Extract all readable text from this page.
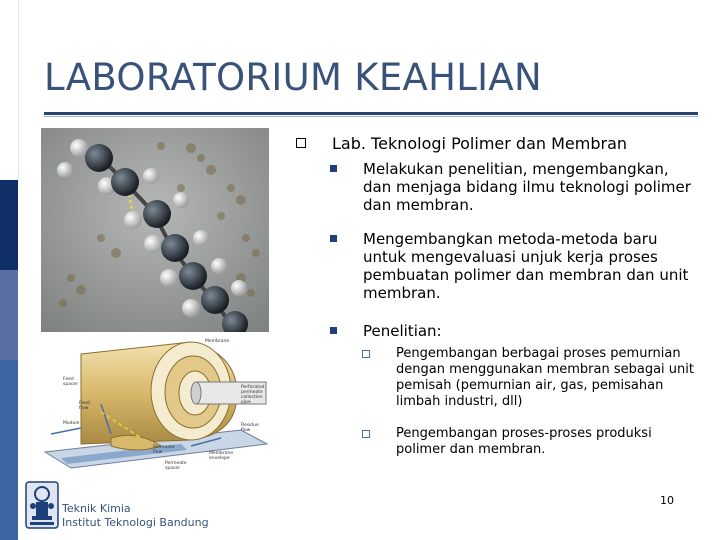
LABORATORIUM KEAHLIAN
Membrane
Feed
spacer
Feed
flow
Perforated
permeate
collection
pipe
Residue
flow
Module
Permeate
flow	Membrane
envelope
Permeate
spacer
Teknik Kimia
Institut Teknologi Bandung
10
Lab. Teknologi Polimer dan Membran
Melakukan penelitian, mengembangkan, dan menjaga bidang ilmu teknologi polimer dan membran.
Mengembangkan metoda-metoda baru untuk mengevaluasi unjuk kerja proses pembuatan polimer dan membran dan unit membran.
Penelitian:
Pengembangan berbagai proses pemurnian dengan menggunakan membran sebagai unit pemisah (pemurnian air, gas, pemisahan limbah industri, dll)
Pengembangan proses-proses produksi polimer dan membran.
